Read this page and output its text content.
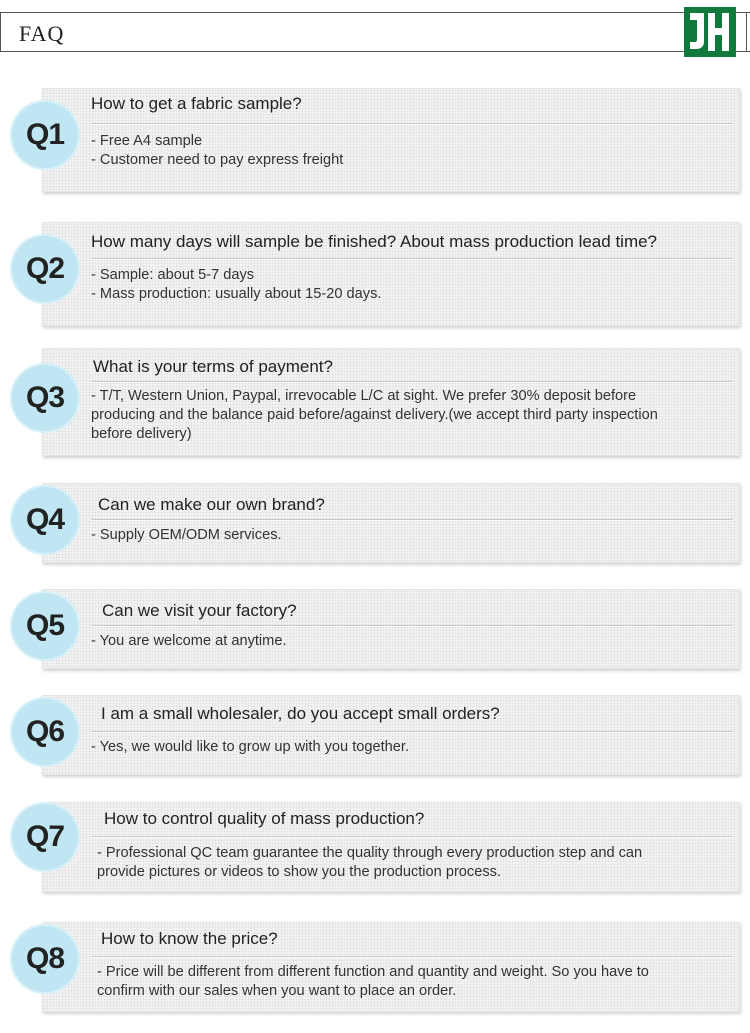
FAQ
How to get a fabric sample?
- Free A4 sample
- Customer need to pay express freight
Q1
How many days will sample be finished? About mass production lead time?
- Sample: about 5-7 days
- Mass production: usually about 15-20 days.
Q2
What is your terms of payment?
- T/T, Western Union, Paypal, irrevocable L/C at sight. We prefer 30% deposit before
producing and the balance paid before/against delivery.(we accept third party inspection
before delivery)
Q3
Can we make our own brand?
- Supply OEM/ODM services.
Q4
Can we visit your factory?
- You are welcome at anytime.
Q5
I am a small wholesaler, do you accept small orders?
- Yes, we would like to grow up with you together.
Q6
How to control quality of mass production?
- Professional QC team guarantee the quality through every production step and can
provide pictures or videos to show you the production process.
Q7
How to know the price?
- Price will be different from different function and quantity and weight. So you have to
confirm with our sales when you want to place an order.
Q8
